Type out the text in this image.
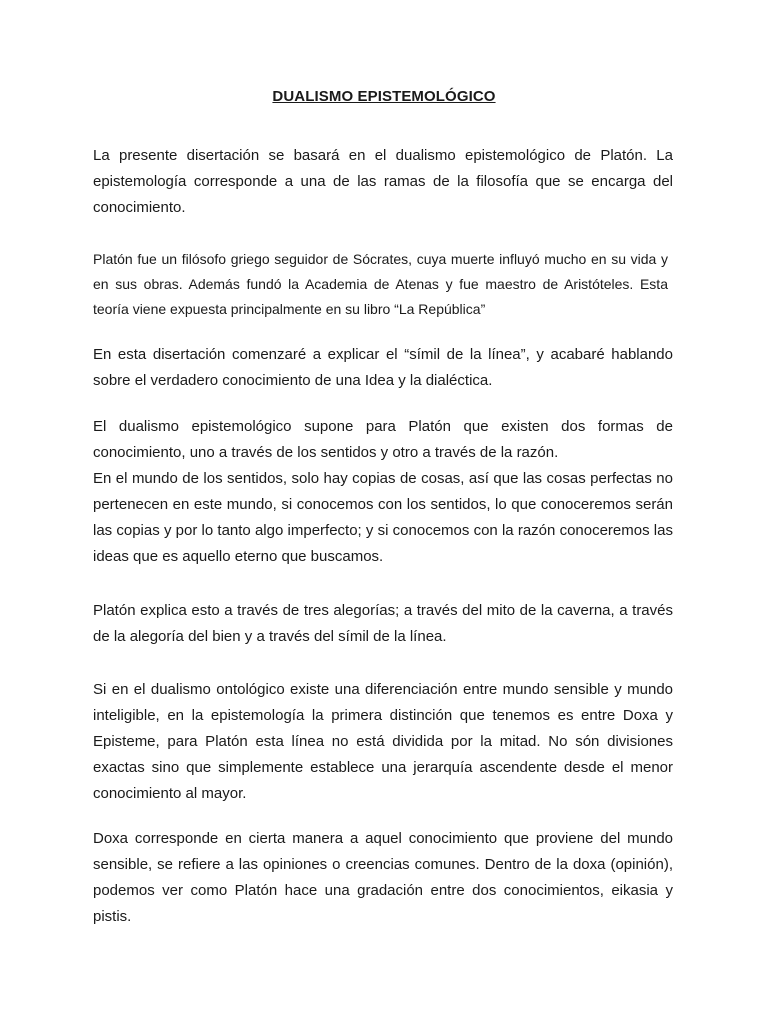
DUALISMO EPISTEMOLÓGICO

La presente disertación se basará en el dualismo epistemológico de Platón. La epistemología corresponde a una de las ramas de la filosofía que se encarga del conocimiento.

Platón fue un filósofo griego seguidor de Sócrates, cuya muerte influyó mucho en su vida y en sus obras. Además fundó la Academia de Atenas y fue maestro de Aristóteles. Esta teoría viene expuesta principalmente en su libro “La República”

En esta disertación comenzaré a explicar el “símil de la línea”, y acabaré hablando sobre el verdadero conocimiento de una Idea y la dialéctica.

El dualismo epistemológico supone para Platón que existen dos formas de conocimiento, uno a través de los sentidos y otro a través de la razón.
En el mundo de los sentidos, solo hay copias de cosas, así que las cosas perfectas no pertenecen en este mundo, si conocemos con los sentidos, lo que conoceremos serán las copias y por lo tanto algo imperfecto; y si conocemos con la razón conoceremos las ideas que es aquello eterno que buscamos.

Platón explica esto a través de tres alegorías; a través del mito de la caverna, a través de la alegoría del bien y a través del símil de la línea.

Si en el dualismo ontológico existe una diferenciación entre mundo sensible y mundo inteligible, en la epistemología la primera distinción que tenemos es entre Doxa y Episteme, para Platón esta línea no está dividida por la mitad. No són divisiones exactas sino que simplemente establece una jerarquía ascendente desde el menor conocimiento al mayor.

Doxa corresponde en cierta manera a aquel conocimiento que proviene del mundo sensible, se refiere a las opiniones o creencias comunes. Dentro de la doxa (opinión), podemos ver como Platón hace una gradación entre dos conocimientos, eikasia y pistis.
